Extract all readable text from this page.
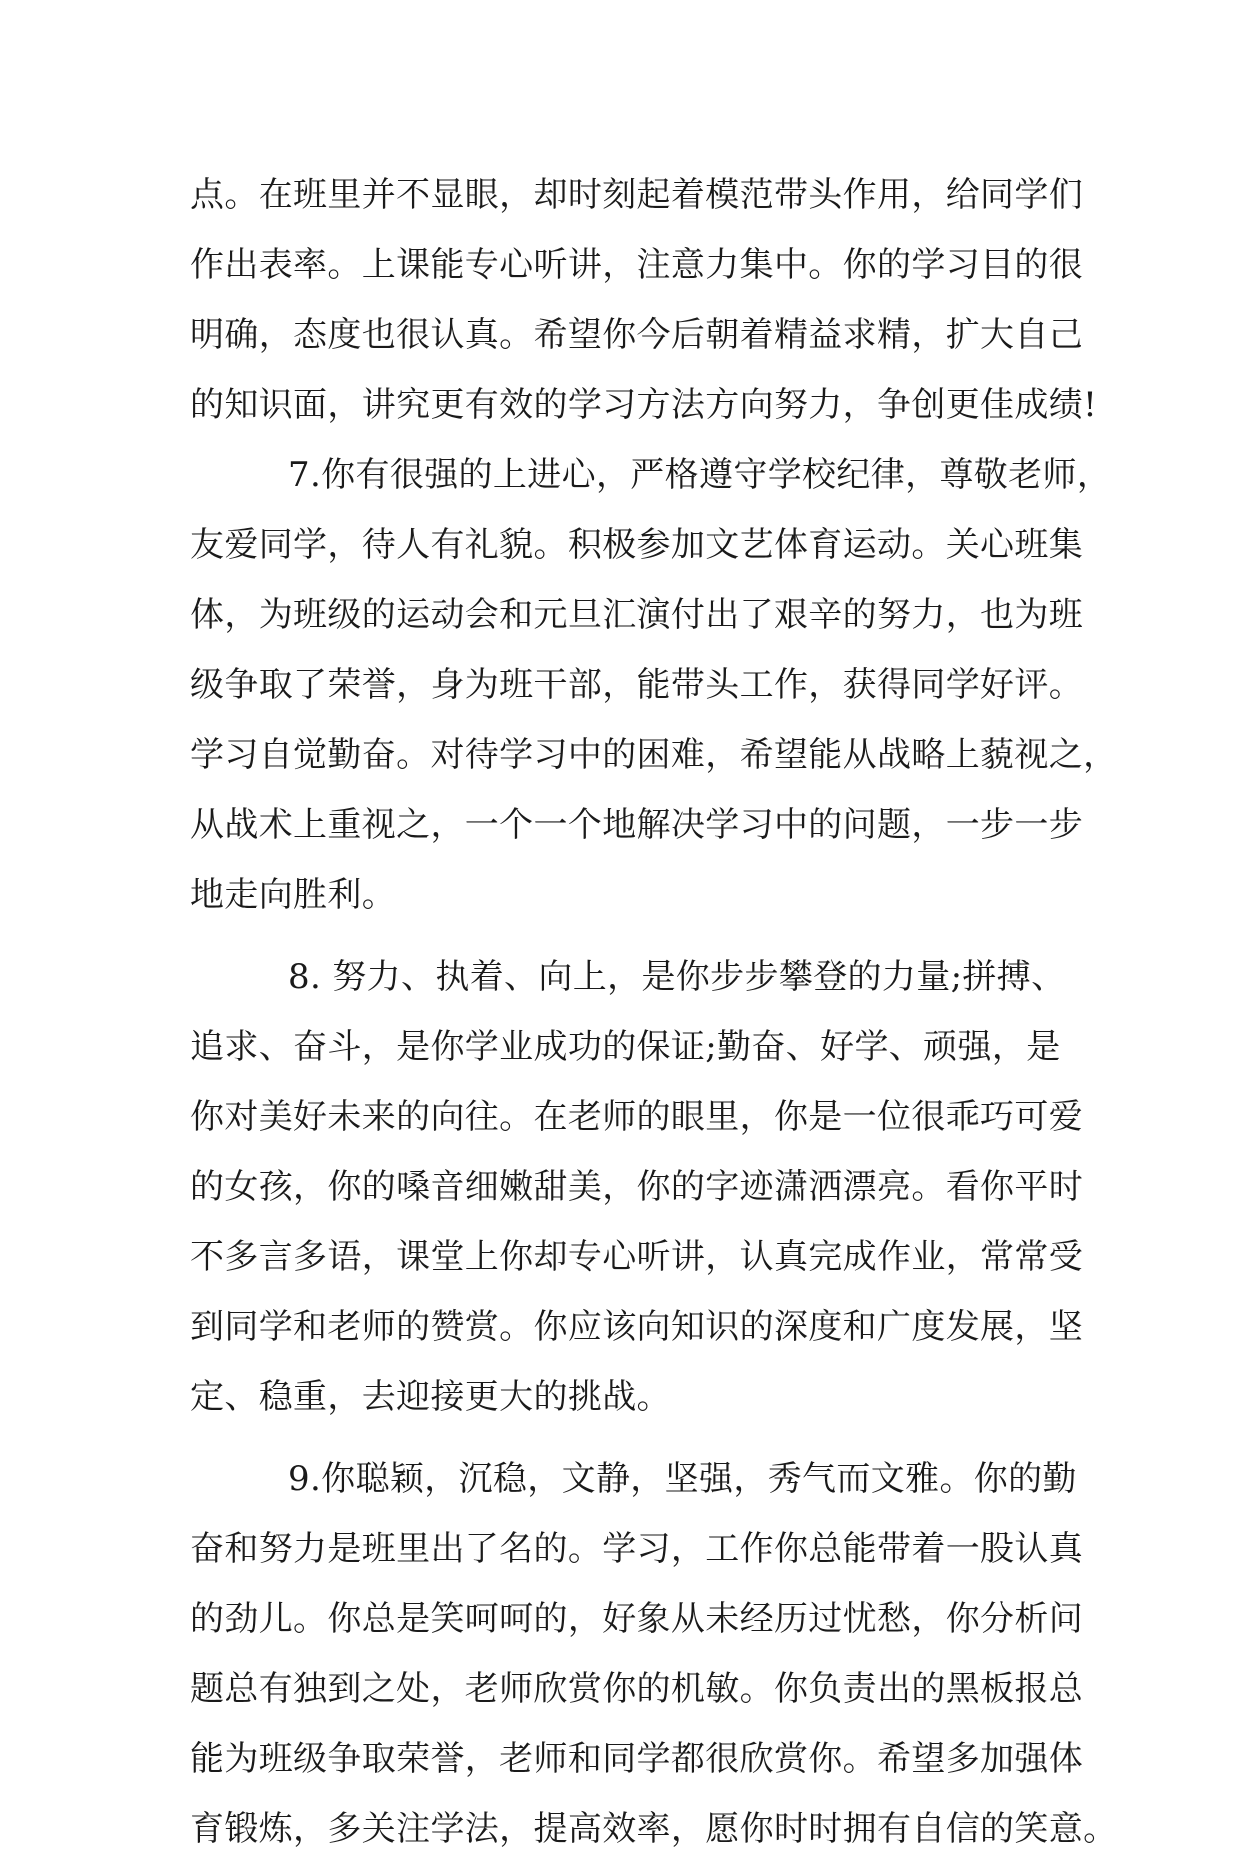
点。在班里并不显眼，却时刻起着模范带头作用，给同学们
作出表率。上课能专心听讲，注意力集中。你的学习目的很
明确，态度也很认真。希望你今后朝着精益求精，扩大自己
的知识面，讲究更有效的学习方法方向努力，争创更佳成绩!
7.你有很强的上进心，严格遵守学校纪律，尊敬老师，
友爱同学，待人有礼貌。积极参加文艺体育运动。关心班集
体，为班级的运动会和元旦汇演付出了艰辛的努力，也为班
级争取了荣誉，身为班干部，能带头工作，获得同学好评。
学习自觉勤奋。对待学习中的困难，希望能从战略上藐视之，
从战术上重视之，一个一个地解决学习中的问题，一步一步
地走向胜利。
8. 努力、执着、向上，是你步步攀登的力量;拼搏、
追求、奋斗，是你学业成功的保证;勤奋、好学、顽强，是
你对美好未来的向往。在老师的眼里，你是一位很乖巧可爱
的女孩，你的嗓音细嫩甜美，你的字迹潇洒漂亮。看你平时
不多言多语，课堂上你却专心听讲，认真完成作业，常常受
到同学和老师的赞赏。你应该向知识的深度和广度发展，坚
定、稳重，去迎接更大的挑战。
9.你聪颖，沉稳，文静，坚强，秀气而文雅。你的勤
奋和努力是班里出了名的。学习，工作你总能带着一股认真
的劲儿。你总是笑呵呵的，好象从未经历过忧愁，你分析问
题总有独到之处，老师欣赏你的机敏。你负责出的黑板报总
能为班级争取荣誉，老师和同学都很欣赏你。希望多加强体
育锻炼，多关注学法，提高效率，愿你时时拥有自信的笑意。
